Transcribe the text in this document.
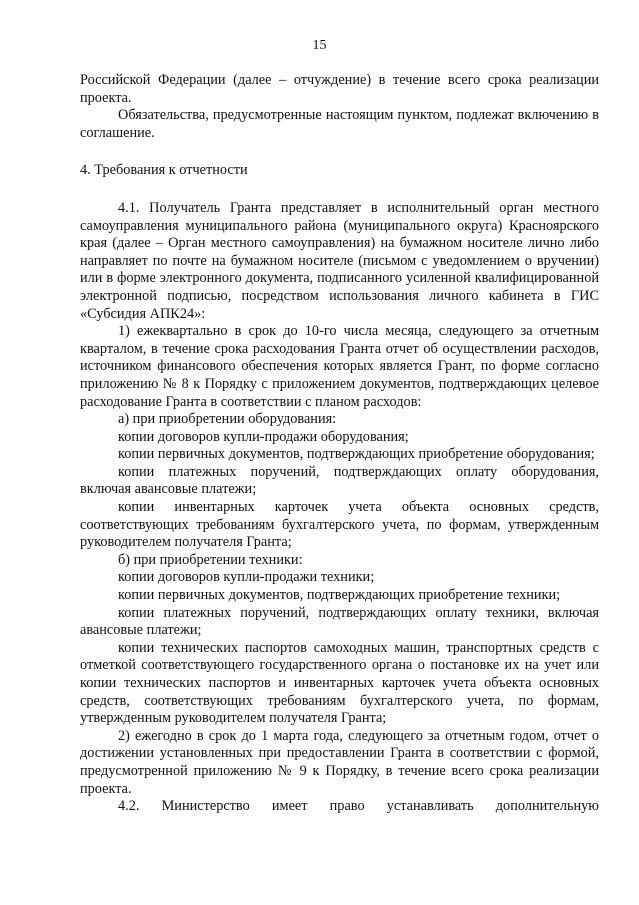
15

Российской Федерации (далее – отчуждение) в течение всего срока реализации проекта.

Обязательства, предусмотренные настоящим пунктом, подлежат включению в соглашение.

4. Требования к отчетности

4.1. Получатель Гранта представляет в исполнительный орган местного самоуправления муниципального района (муниципального округа) Красноярского края (далее – Орган местного самоуправления) на бумажном носителе лично либо направляет по почте на бумажном носителе (письмом с уведомлением о вручении) или в форме электронного документа, подписанного усиленной квалифицированной электронной подписью, посредством использования личного кабинета в ГИС «Субсидия АПК24»:

1) ежеквартально в срок до 10-го числа месяца, следующего за отчетным кварталом, в течение срока расходования Гранта отчет об осуществлении расходов, источником финансового обеспечения которых является Грант, по форме согласно приложению № 8 к Порядку с приложением документов, подтверждающих целевое расходование Гранта в соответствии с планом расходов:

а) при приобретении оборудования:

копии договоров купли-продажи оборудования;

копии первичных документов, подтверждающих приобретение оборудования;

копии платежных поручений, подтверждающих оплату оборудования, включая авансовые платежи;

копии инвентарных карточек учета объекта основных средств, соответствующих требованиям бухгалтерского учета, по формам, утвержденным руководителем получателя Гранта;

б) при приобретении техники:

копии договоров купли-продажи техники;

копии первичных документов, подтверждающих приобретение техники;

копии платежных поручений, подтверждающих оплату техники, включая авансовые платежи;

копии технических паспортов самоходных машин, транспортных средств с отметкой соответствующего государственного органа о постановке их на учет или копии технических паспортов и инвентарных карточек учета объекта основных средств, соответствующих требованиям бухгалтерского учета, по формам, утвержденным руководителем получателя Гранта;

2) ежегодно в срок до 1 марта года, следующего за отчетным годом, отчет о достижении установленных при предоставлении Гранта в соответствии с формой, предусмотренной приложению № 9 к Порядку, в течение всего срока реализации проекта.

4.2. Министерство имеет право устанавливать дополнительную
